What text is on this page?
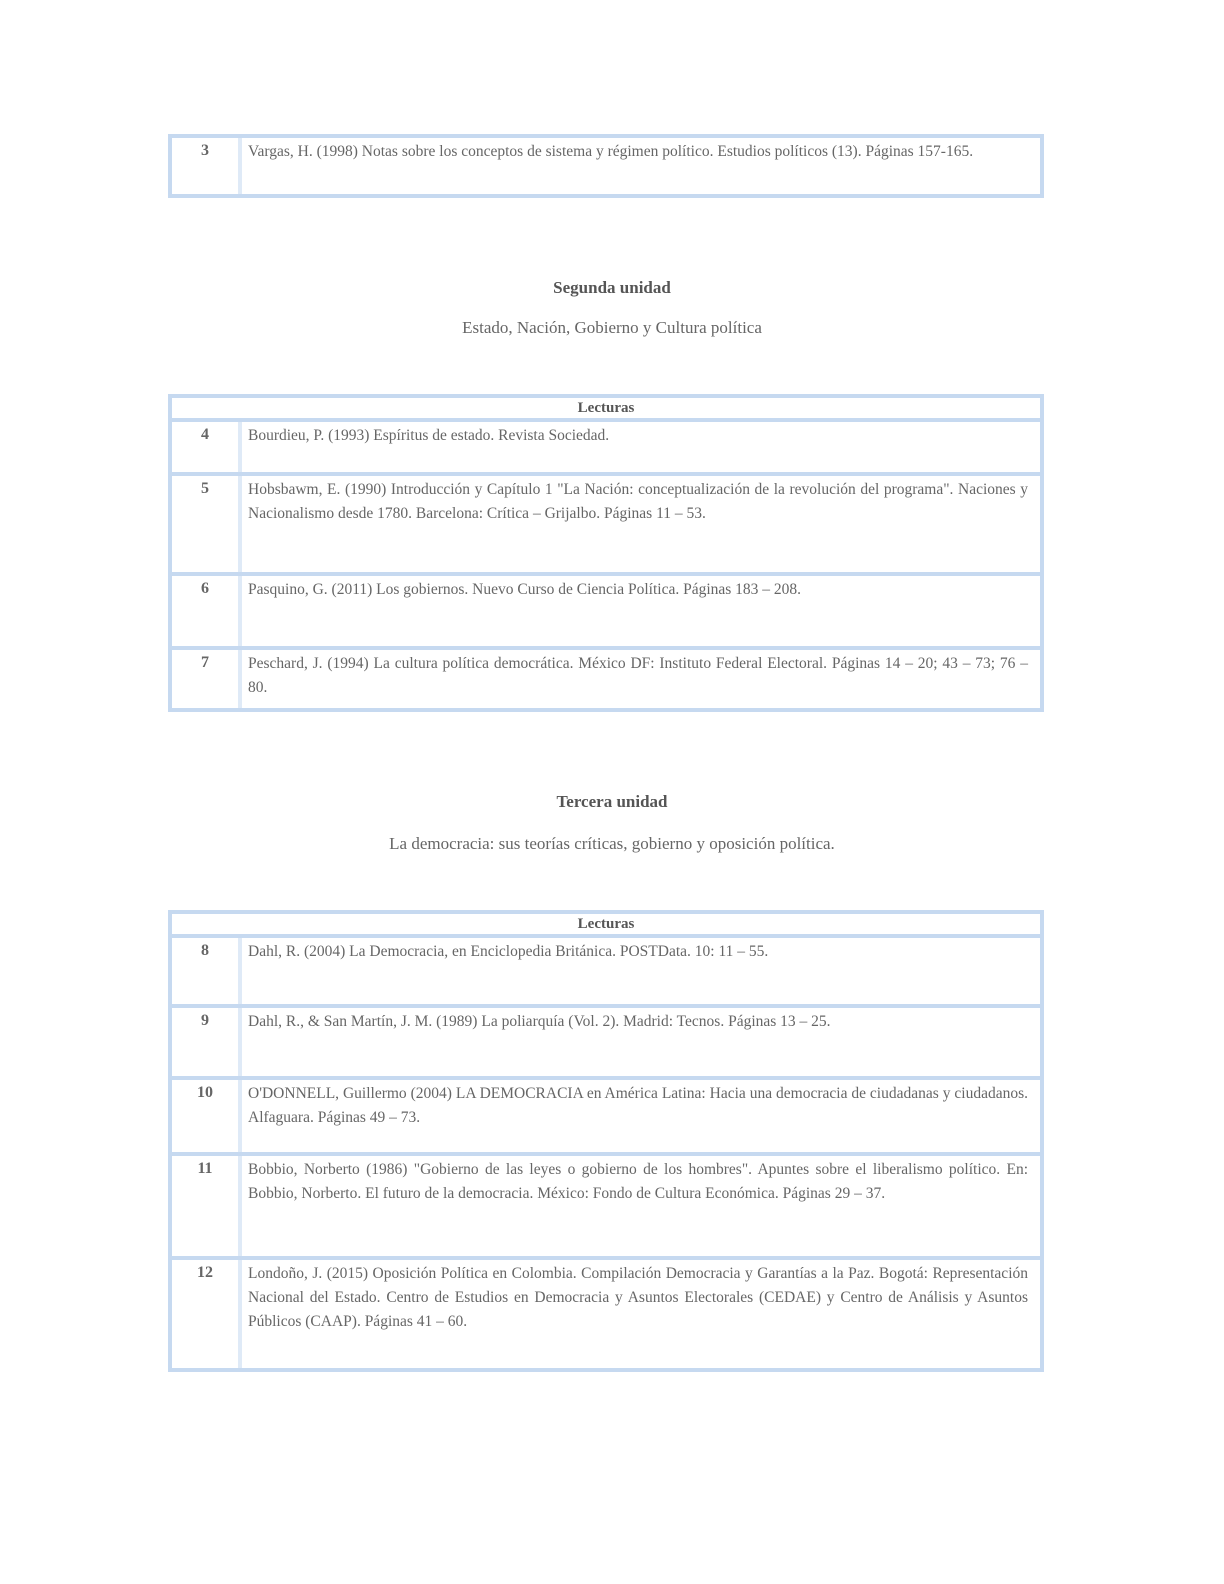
3	Vargas, H. (1998) Notas sobre los conceptos de sistema y régimen político. Estudios políticos (13). Páginas 157-165.
Segunda unidad
Estado, Nación, Gobierno y Cultura política
Lecturas
4	Bourdieu, P. (1993) Espíritus de estado. Revista Sociedad.
5	Hobsbawm, E. (1990) Introducción y Capítulo 1 "La Nación: conceptualización de la revolución del programa". Naciones y Nacionalismo desde 1780. Barcelona: Crítica – Grijalbo. Páginas 11 – 53.
6	Pasquino, G. (2011) Los gobiernos. Nuevo Curso de Ciencia Política. Páginas 183 – 208.
7	Peschard, J. (1994) La cultura política democrática. México DF: Instituto Federal Electoral. Páginas 14 – 20; 43 – 73; 76 – 80.
Tercera unidad
La democracia: sus teorías críticas, gobierno y oposición política.
Lecturas
8	Dahl, R. (2004) La Democracia, en Enciclopedia Británica. POSTData. 10: 11 – 55.
9	Dahl, R., & San Martín, J. M. (1989) La poliarquía (Vol. 2). Madrid: Tecnos. Páginas 13 – 25.
10	O'DONNELL, Guillermo (2004) LA DEMOCRACIA en América Latina: Hacia una democracia de ciudadanas y ciudadanos. Alfaguara. Páginas 49 – 73.
11	Bobbio, Norberto (1986) "Gobierno de las leyes o gobierno de los hombres". Apuntes sobre el liberalismo político. En: Bobbio, Norberto. El futuro de la democracia. México: Fondo de Cultura Económica. Páginas 29 – 37.
12	Londoño, J. (2015) Oposición Política en Colombia. Compilación Democracia y Garantías a la Paz. Bogotá: Representación Nacional del Estado. Centro de Estudios en Democracia y Asuntos Electorales (CEDAE) y Centro de Análisis y Asuntos Públicos (CAAP). Páginas 41 – 60.
